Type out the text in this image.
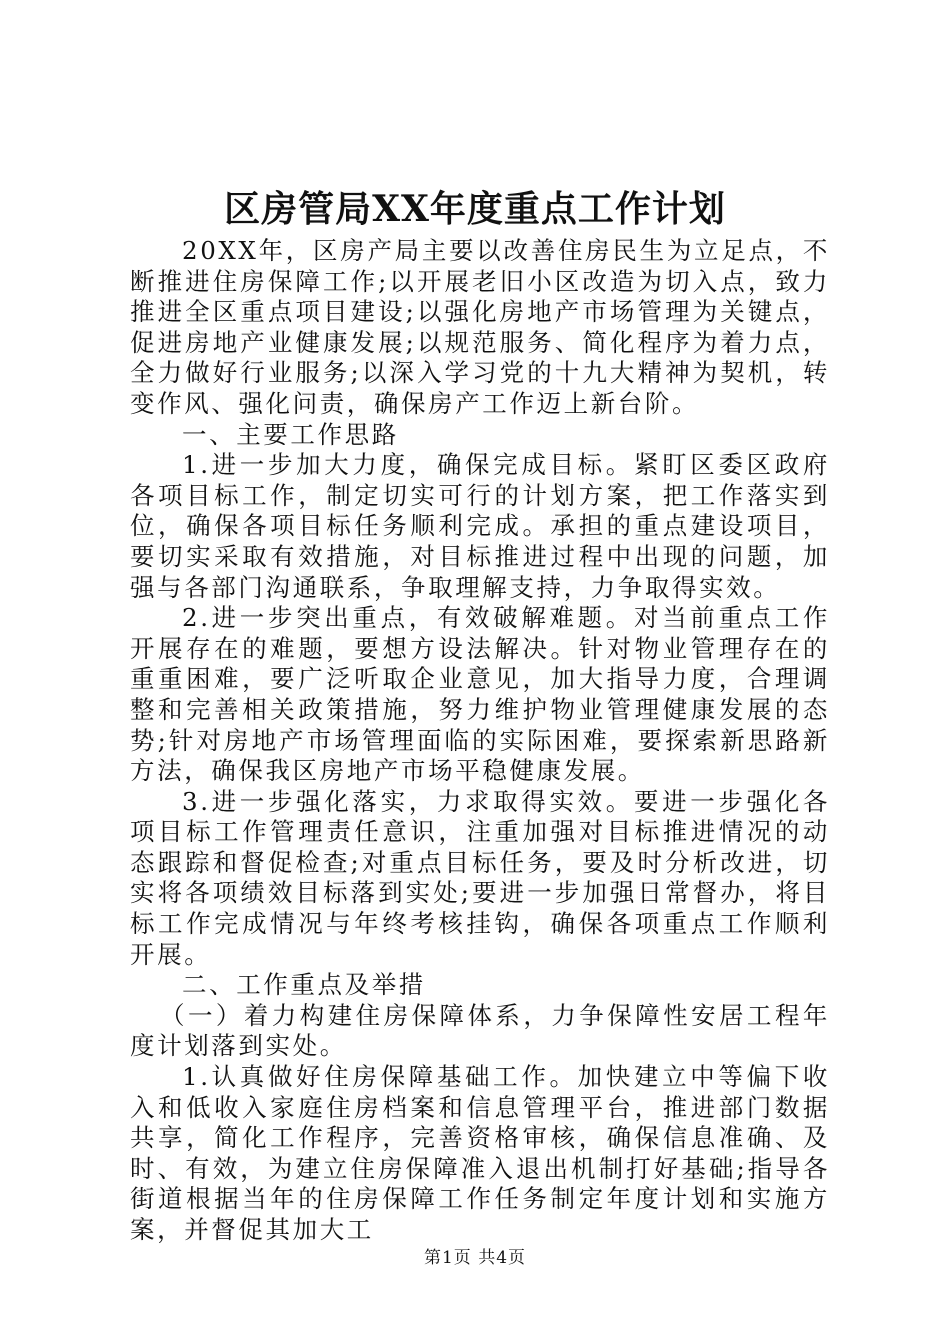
区房管局XX年度重点工作计划

20XX年，区房产局主要以改善住房民生为立足点，不断推进住房保障工作;以开展老旧小区改造为切入点，致力推进全区重点项目建设;以强化房地产市场管理为关键点，促进房地产业健康发展;以规范服务、简化程序为着力点，全力做好行业服务;以深入学习党的十九大精神为契机，转变作风、强化问责，确保房产工作迈上新台阶。

一、主要工作思路

1.进一步加大力度，确保完成目标。紧盯区委区政府各项目标工作，制定切实可行的计划方案，把工作落实到位，确保各项目标任务顺利完成。承担的重点建设项目，要切实采取有效措施，对目标推进过程中出现的问题，加强与各部门沟通联系，争取理解支持，力争取得实效。

2.进一步突出重点，有效破解难题。对当前重点工作开展存在的难题，要想方设法解决。针对物业管理存在的重重困难，要广泛听取企业意见，加大指导力度，合理调整和完善相关政策措施，努力维护物业管理健康发展的态势;针对房地产市场管理面临的实际困难，要探索新思路新方法，确保我区房地产市场平稳健康发展。

3.进一步强化落实，力求取得实效。要进一步强化各项目标工作管理责任意识，注重加强对目标推进情况的动态跟踪和督促检查;对重点目标任务，要及时分析改进，切实将各项绩效目标落到实处;要进一步加强日常督办，将目标工作完成情况与年终考核挂钩，确保各项重点工作顺利开展。

二、工作重点及举措

（一）着力构建住房保障体系，力争保障性安居工程年度计划落到实处。

1.认真做好住房保障基础工作。加快建立中等偏下收入和低收入家庭住房档案和信息管理平台，推进部门数据共享，简化工作程序，完善资格审核，确保信息准确、及时、有效，为建立住房保障准入退出机制打好基础;指导各街道根据当年的住房保障工作任务制定年度计划和实施方案，并督促其加大工

第1页 共4页
